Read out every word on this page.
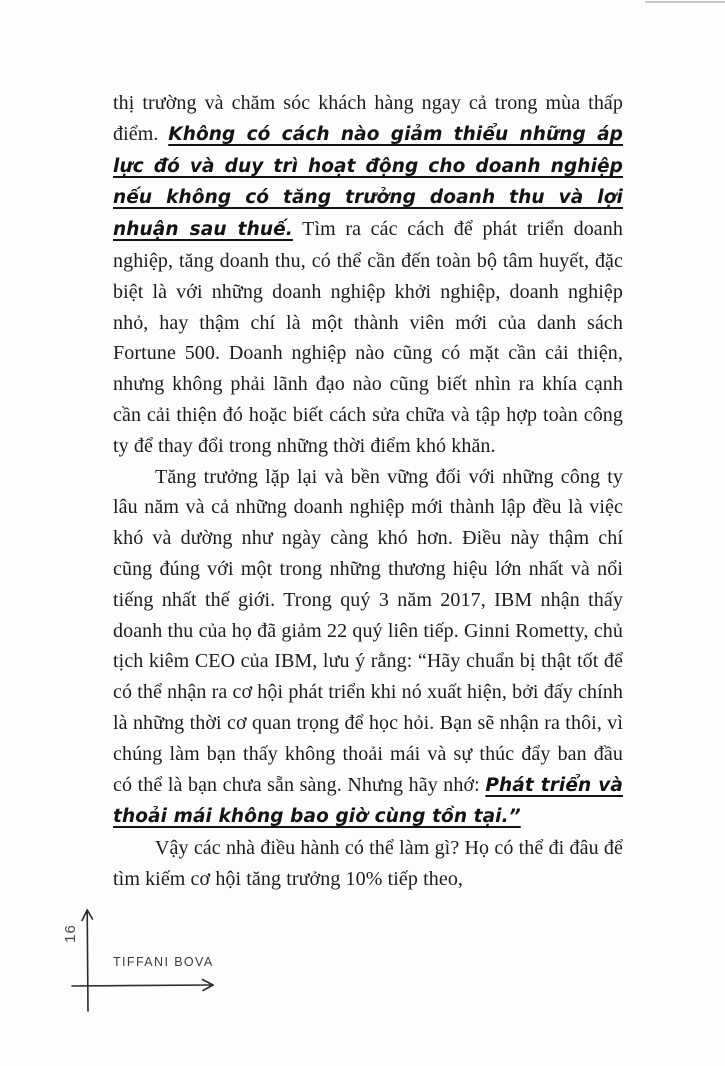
thị trường và chăm sóc khách hàng ngay cả trong mùa thấp điểm. Không có cách nào giảm thiểu những áp lực đó và duy trì hoạt động cho doanh nghiệp nếu không có tăng trưởng doanh thu và lợi nhuận sau thuế. Tìm ra các cách để phát triển doanh nghiệp, tăng doanh thu, có thể cần đến toàn bộ tâm huyết, đặc biệt là với những doanh nghiệp khởi nghiệp, doanh nghiệp nhỏ, hay thậm chí là một thành viên mới của danh sách Fortune 500. Doanh nghiệp nào cũng có mặt cần cải thiện, nhưng không phải lãnh đạo nào cũng biết nhìn ra khía cạnh cần cải thiện đó hoặc biết cách sửa chữa và tập hợp toàn công ty để thay đổi trong những thời điểm khó khăn.

Tăng trưởng lặp lại và bền vững đối với những công ty lâu năm và cả những doanh nghiệp mới thành lập đều là việc khó và dường như ngày càng khó hơn. Điều này thậm chí cũng đúng với một trong những thương hiệu lớn nhất và nổi tiếng nhất thế giới. Trong quý 3 năm 2017, IBM nhận thấy doanh thu của họ đã giảm 22 quý liên tiếp. Ginni Rometty, chủ tịch kiêm CEO của IBM, lưu ý rằng: “Hãy chuẩn bị thật tốt để có thể nhận ra cơ hội phát triển khi nó xuất hiện, bởi đấy chính là những thời cơ quan trọng để học hỏi. Bạn sẽ nhận ra thôi, vì chúng làm bạn thấy không thoải mái và sự thúc đẩy ban đầu có thể là bạn chưa sẵn sàng. Nhưng hãy nhớ: Phát triển và thoải mái không bao giờ cùng tồn tại.”

Vậy các nhà điều hành có thể làm gì? Họ có thể đi đâu để tìm kiếm cơ hội tăng trưởng 10% tiếp theo,

16
TIFFANI BOVA
